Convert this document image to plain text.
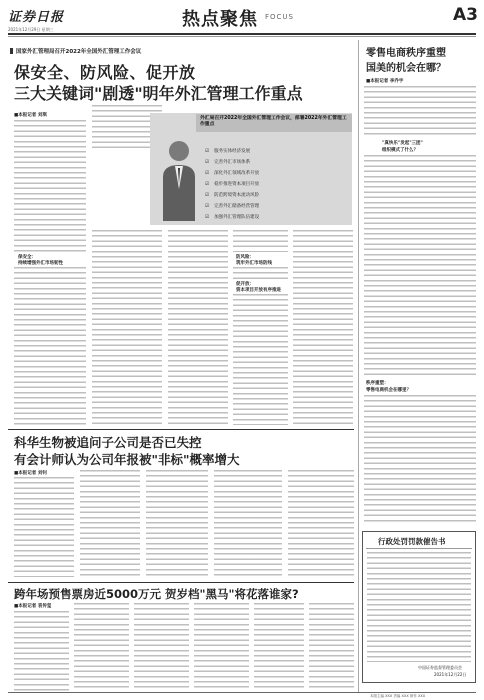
证券日报
2021年12月29日 星期三	热点聚焦 FOCUS	A3
国家外汇管理局召开2022年全国外汇管理工作会议
保安全、防风险、促开放
三大关键词"剧透"明年外汇管理工作重点
■本报记者 刘琪
保安全：
持续增强外汇市场韧性
外汇局召开2022年全国外汇管理工作会议，部署2022年外汇管理工作重点
☑ 服务实体经济发展
☑ 完善外汇市场体系
☑ 深化外汇领域改革开放
☑ 稳步推进资本项目开放
☑ 防范跨境资本流动风险
☑ 完善外汇储备经营管理
☑ 加强外汇管理队伍建设
防风险：
筑牢外汇市场防线
促开放：
资本项目开放有序推进
零售电商秩序重塑
国美的机会在哪？
■本报记者 李乔宇
"真快乐"发起"三团"
组织模式了什么？
秩序重塑：
零售电商机会在哪里？
科华生物被追问子公司是否已失控
有会计师认为公司年报被"非标"概率增大
■本报记者 刘钊
跨年场预售票房近5000万元 贺岁档"黑马"将花落谁家?
■本报记者 袁传玺
行政处罚罚款催告书
中国证券监督管理委员会
2021年12月22日
本版主编 XXX 责编 XXX 制作 XXX
